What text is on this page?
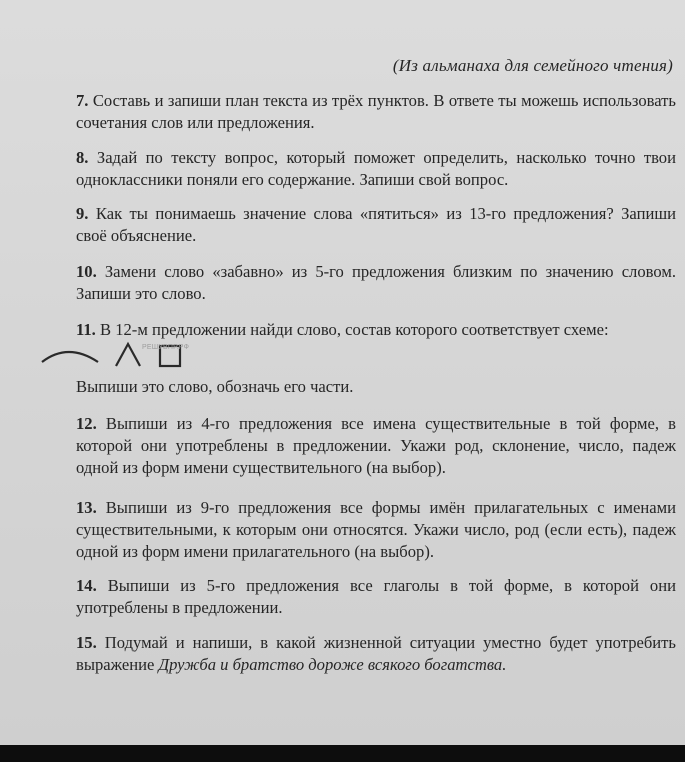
(Из альманаха для семейного чтения)
7. Составь и запиши план текста из трёх пунктов. В ответе ты можешь использовать сочетания слов или предложения.
8. Задай по тексту вопрос, который поможет определить, насколько точно твои одноклассники поняли его содержание. Запиши свой вопрос.
9. Как ты понимаешь значение слова «пятиться» из 13-го предложения? Запиши своё объяснение.
10. Замени слово «забавно» из 5-го предложения близким по значению словом. Запиши это слово.
11. В 12-м предложении найди слово, состав которого соответствует схеме:
РЕШУВПР.РФ
Выпиши это слово, обозначь его части.
12. Выпиши из 4-го предложения все имена существительные в той форме, в которой они употреблены в предложении. Укажи род, склонение, число, падеж одной из форм имени существительного (на выбор).
13. Выпиши из 9-го предложения все формы имён прилагательных с именами существительными, к которым они относятся. Укажи число, род (если есть), падеж одной из форм имени прилагательного (на выбор).
14. Выпиши из 5-го предложения все глаголы в той форме, в которой они употреблены в предложении.
15. Подумай и напиши, в какой жизненной ситуации уместно будет употребить выражение Дружба и братство дороже всякого богатства.
